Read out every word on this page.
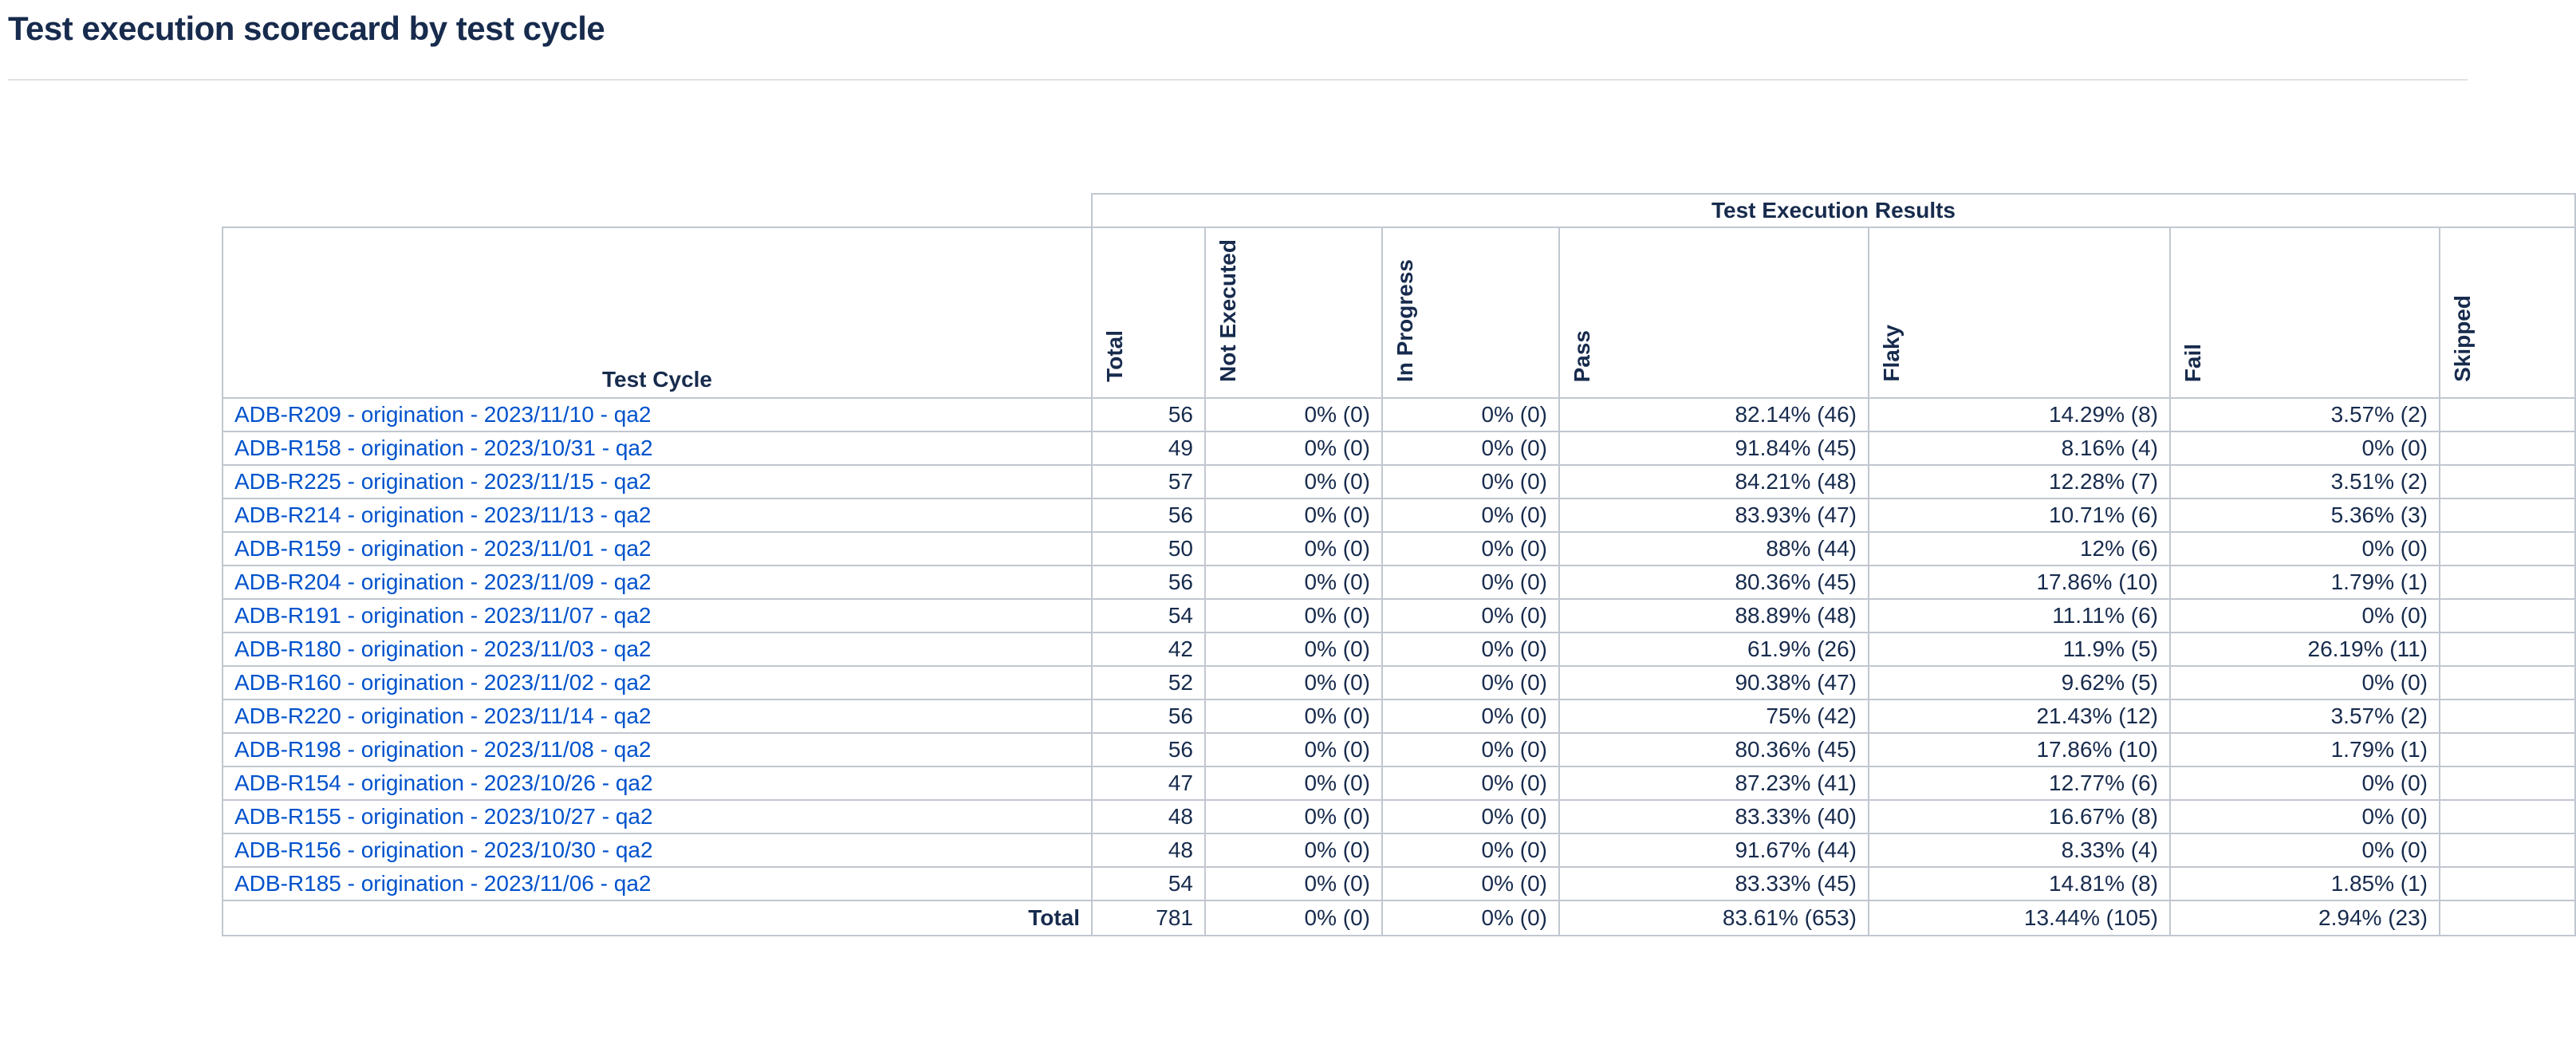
Test execution scorecard by test cycle
	Test Execution Results						
Test Cycle	Total	Not Executed	In Progress	Pass	Flaky	Fail	Skipped
ADB-R209 - origination - 2023/11/10 - qa2	56	0% (0)	0% (0)	82.14% (46)	14.29% (8)	3.57% (2)	
ADB-R158 - origination - 2023/10/31 - qa2	49	0% (0)	0% (0)	91.84% (45)	8.16% (4)	0% (0)	
ADB-R225 - origination - 2023/11/15 - qa2	57	0% (0)	0% (0)	84.21% (48)	12.28% (7)	3.51% (2)	
ADB-R214 - origination - 2023/11/13 - qa2	56	0% (0)	0% (0)	83.93% (47)	10.71% (6)	5.36% (3)	
ADB-R159 - origination - 2023/11/01 - qa2	50	0% (0)	0% (0)	88% (44)	12% (6)	0% (0)	
ADB-R204 - origination - 2023/11/09 - qa2	56	0% (0)	0% (0)	80.36% (45)	17.86% (10)	1.79% (1)	
ADB-R191 - origination - 2023/11/07 - qa2	54	0% (0)	0% (0)	88.89% (48)	11.11% (6)	0% (0)	
ADB-R180 - origination - 2023/11/03 - qa2	42	0% (0)	0% (0)	61.9% (26)	11.9% (5)	26.19% (11)	
ADB-R160 - origination - 2023/11/02 - qa2	52	0% (0)	0% (0)	90.38% (47)	9.62% (5)	0% (0)	
ADB-R220 - origination - 2023/11/14 - qa2	56	0% (0)	0% (0)	75% (42)	21.43% (12)	3.57% (2)	
ADB-R198 - origination - 2023/11/08 - qa2	56	0% (0)	0% (0)	80.36% (45)	17.86% (10)	1.79% (1)	
ADB-R154 - origination - 2023/10/26 - qa2	47	0% (0)	0% (0)	87.23% (41)	12.77% (6)	0% (0)	
ADB-R155 - origination - 2023/10/27 - qa2	48	0% (0)	0% (0)	83.33% (40)	16.67% (8)	0% (0)	
ADB-R156 - origination - 2023/10/30 - qa2	48	0% (0)	0% (0)	91.67% (44)	8.33% (4)	0% (0)	
ADB-R185 - origination - 2023/11/06 - qa2	54	0% (0)	0% (0)	83.33% (45)	14.81% (8)	1.85% (1)	
Total	781	0% (0)	0% (0)	83.61% (653)	13.44% (105)	2.94% (23)	
